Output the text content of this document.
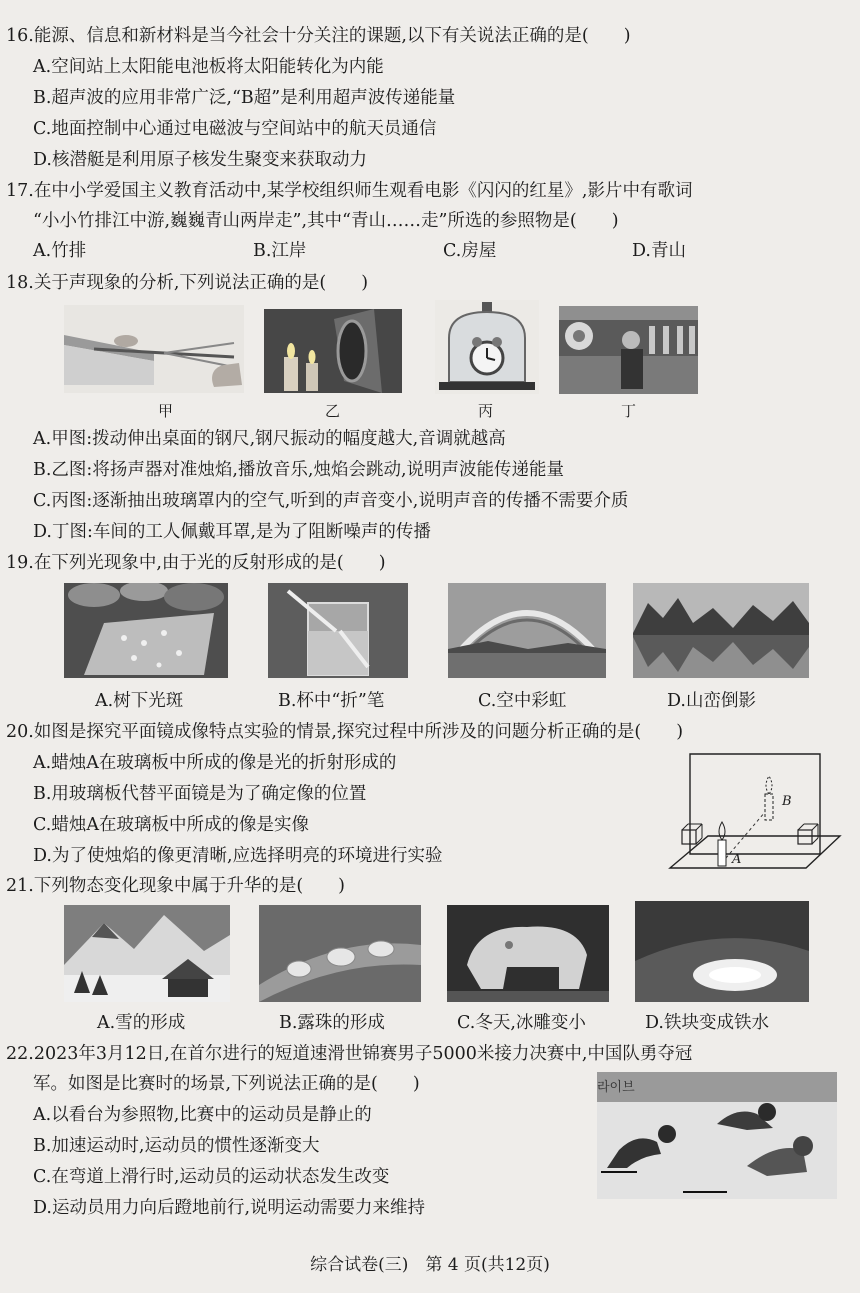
16.能源、信息和新材料是当今社会十分关注的课题,以下有关说法正确的是(　　)
A.空间站上太阳能电池板将太阳能转化为内能
B.超声波的应用非常广泛,“B超”是利用超声波传递能量
C.地面控制中心通过电磁波与空间站中的航天员通信
D.核潜艇是利用原子核发生聚变来获取动力
17.在中小学爱国主义教育活动中,某学校组织师生观看电影《闪闪的红星》,影片中有歌词
“小小竹排江中游,巍巍青山两岸走”,其中“青山……走”所选的参照物是(　　)
A.竹排	B.江岸	C.房屋	D.青山
18.关于声现象的分析,下列说法正确的是(　　)
甲	乙	丙	丁
A.甲图:拨动伸出桌面的钢尺,钢尺振动的幅度越大,音调就越高
B.乙图:将扬声器对准烛焰,播放音乐,烛焰会跳动,说明声波能传递能量
C.丙图:逐渐抽出玻璃罩内的空气,听到的声音变小,说明声音的传播不需要介质
D.丁图:车间的工人佩戴耳罩,是为了阻断噪声的传播
19.在下列光现象中,由于光的反射形成的是(　　)
A.树下光斑	B.杯中“折”笔	C.空中彩虹	D.山峦倒影
20.如图是探究平面镜成像特点实验的情景,探究过程中所涉及的问题分析正确的是(　　)
A.蜡烛A在玻璃板中所成的像是光的折射形成的
B.用玻璃板代替平面镜是为了确定像的位置
C.蜡烛A在玻璃板中所成的像是实像
D.为了使烛焰的像更清晰,应选择明亮的环境进行实验	A
B
21.下列物态变化现象中属于升华的是(　　)
A.雪的形成	B.露珠的形成	C.冬天,冰雕变小	D.铁块变成铁水
22.2023年3月12日,在首尔进行的短道速滑世锦赛男子5000米接力决赛中,中国队勇夺冠
军。如图是比赛时的场景,下列说法正确的是(　　)
A.以看台为参照物,比赛中的运动员是静止的
B.加速运动时,运动员的惯性逐渐变大
C.在弯道上滑行时,运动员的运动状态发生改变
D.运动员用力向后蹬地前行,说明运动需要力来维持
라이브
综合试卷(三)　第 4 页(共12页)
